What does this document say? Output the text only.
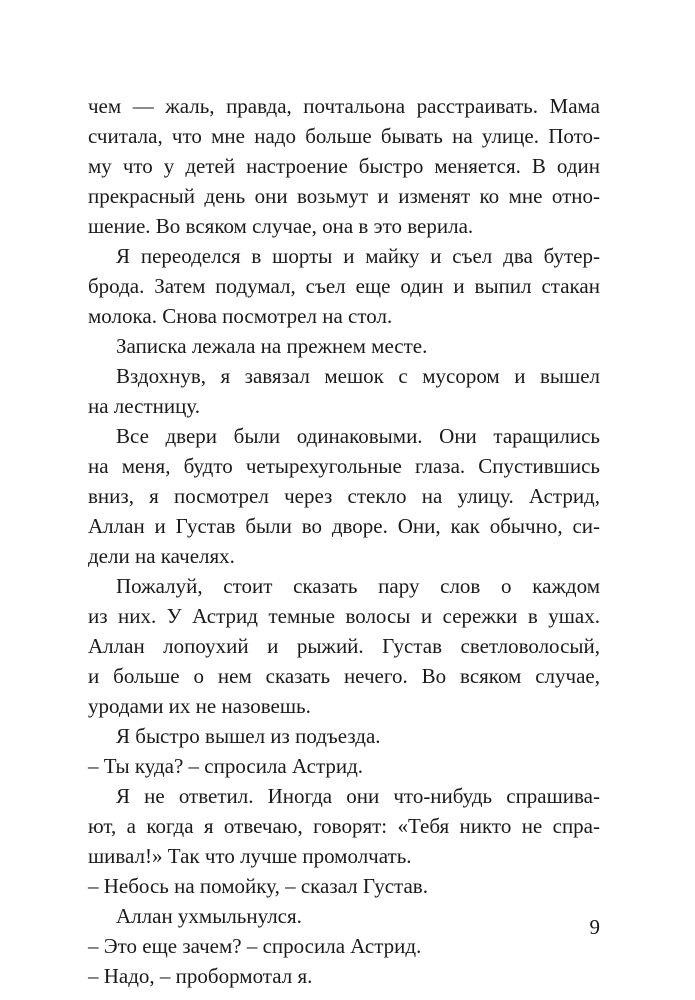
чем — жаль, правда, почтальона расстраивать. Мама
считала, что мне надо больше бывать на улице. Пото-
му что у детей настроение быстро меняется. В один
прекрасный день они возьмут и изменят ко мне отно-
шение. Во всяком случае, она в это верила.
Я переоделся в шорты и майку и съел два бутер-
брода. Затем подумал, съел еще один и выпил стакан
молока. Снова посмотрел на стол.
Записка лежала на прежнем месте.
Вздохнув, я завязал мешок с мусором и вышел
на лестницу.
Все двери были одинаковыми. Они таращились
на меня, будто четырехугольные глаза. Спустившись
вниз, я посмотрел через стекло на улицу. Астрид,
Аллан и Густав были во дворе. Они, как обычно, си-
дели на качелях.
Пожалуй, стоит сказать пару слов о каждом
из них. У Астрид темные волосы и сережки в ушах.
Аллан лопоухий и рыжий. Густав светловолосый,
и больше о нем сказать нечего. Во всяком случае,
уродами их не назовешь.
Я быстро вышел из подъезда.
– Ты куда? – спросила Астрид.
Я не ответил. Иногда они что-нибудь спрашива-
ют, а когда я отвечаю, говорят: «Тебя никто не спра-
шивал!» Так что лучше промолчать.
– Небось на помойку, – сказал Густав.
Аллан ухмыльнулся.
– Это еще зачем? – спросила Астрид.
– Надо, – пробормотал я.
9
